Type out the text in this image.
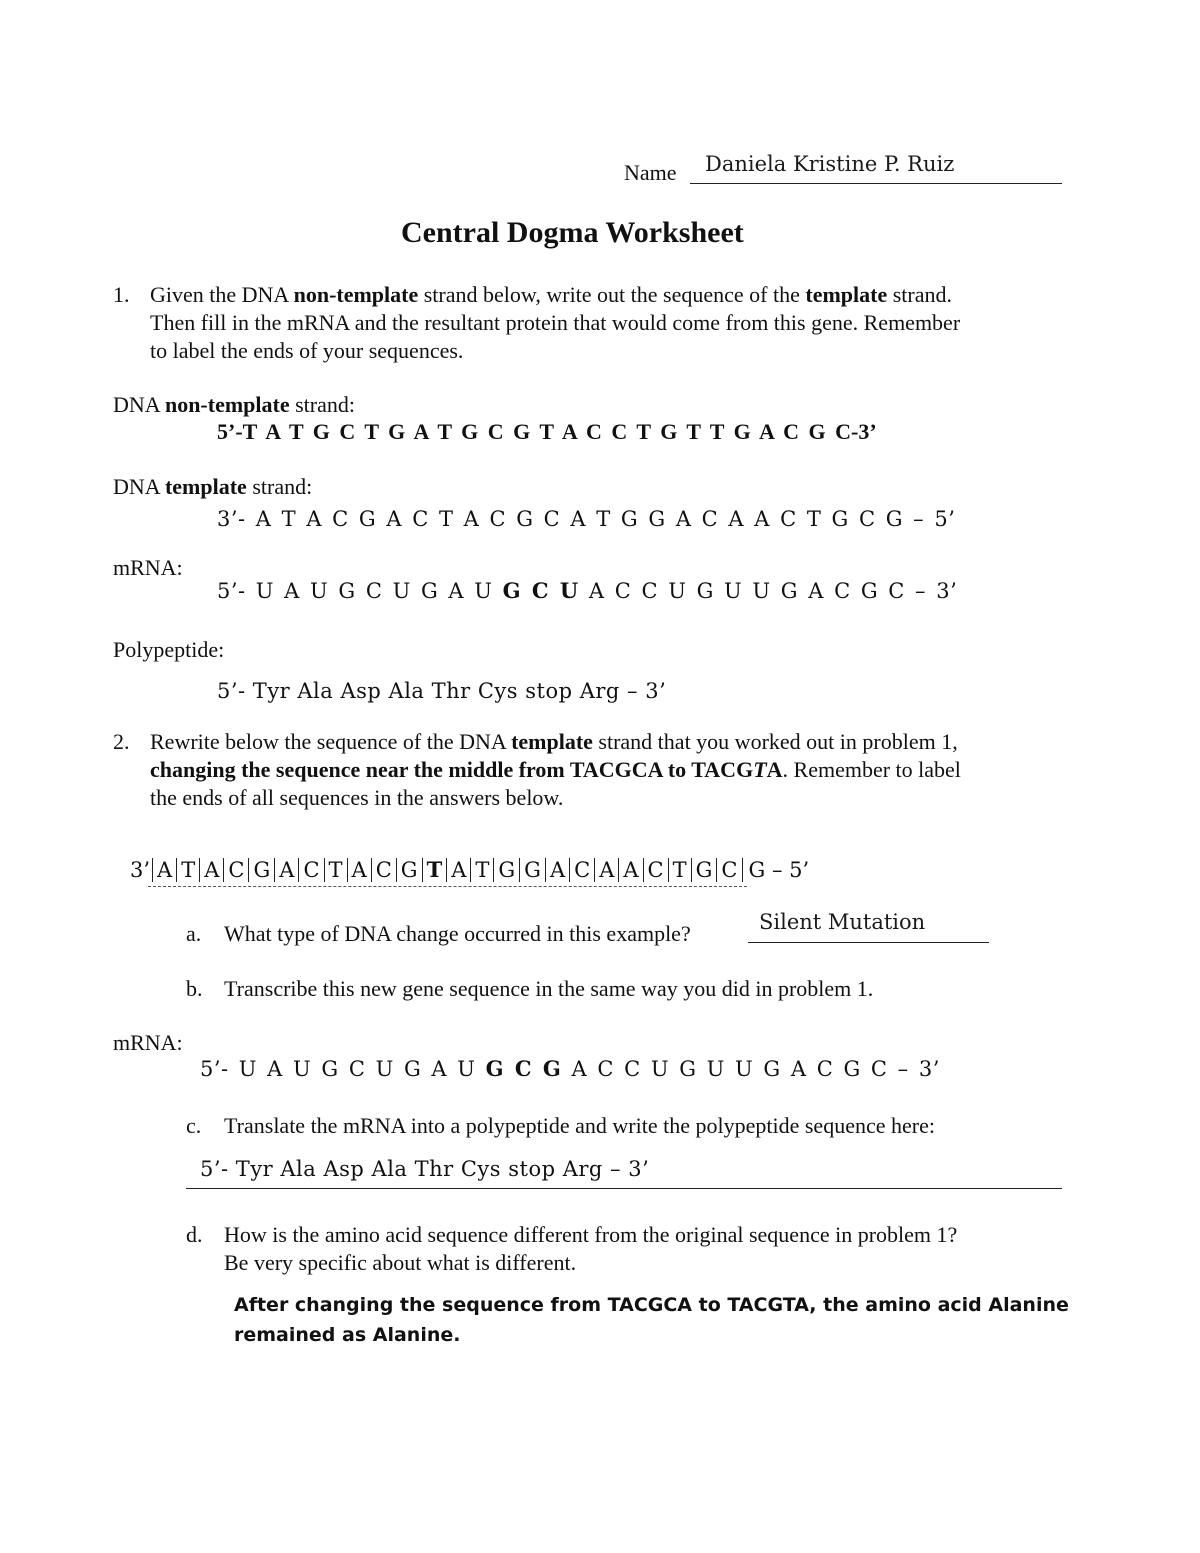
Name Daniela Kristine P. Ruiz
Central Dogma Worksheet
1. Given the DNA non-template strand below, write out the sequence of the template strand.
Then fill in the mRNA and the resultant protein that would come from this gene. Remember
to label the ends of your sequences.
DNA non-template strand:
5’-T A T G C T G A T G C G T A C C T G T T G A C G C-3’
DNA template strand:
3’- A T A C G A C T A C G C A T G G A C A A C T G C G – 5’
mRNA:
5’- U A U G C U G A U G C U A C C U G U U G A C G C – 3’
Polypeptide:
5’- Tyr Ala Asp Ala Thr Cys stop Arg – 3’
2. Rewrite below the sequence of the DNA template strand that you worked out in problem 1,
changing the sequence near the middle from TACGCA to TACGTA. Remember to label
the ends of all sequences in the answers below.
3’ A T A C G A C T A C G T A T G G A C A A C T G C G – 5’
a. What type of DNA change occurred in this example?	Silent Mutation
b. Transcribe this new gene sequence in the same way you did in problem 1.
mRNA:
5’- U A U G C U G A U G C G A C C U G U U G A C G C – 3’
c. Translate the mRNA into a polypeptide and write the polypeptide sequence here:
5’- Tyr Ala Asp Ala Thr Cys stop Arg – 3’
d. How is the amino acid sequence different from the original sequence in problem 1?
Be very specific about what is different.
After changing the sequence from TACGCA to TACGTA, the amino acid Alanine
remained as Alanine.
